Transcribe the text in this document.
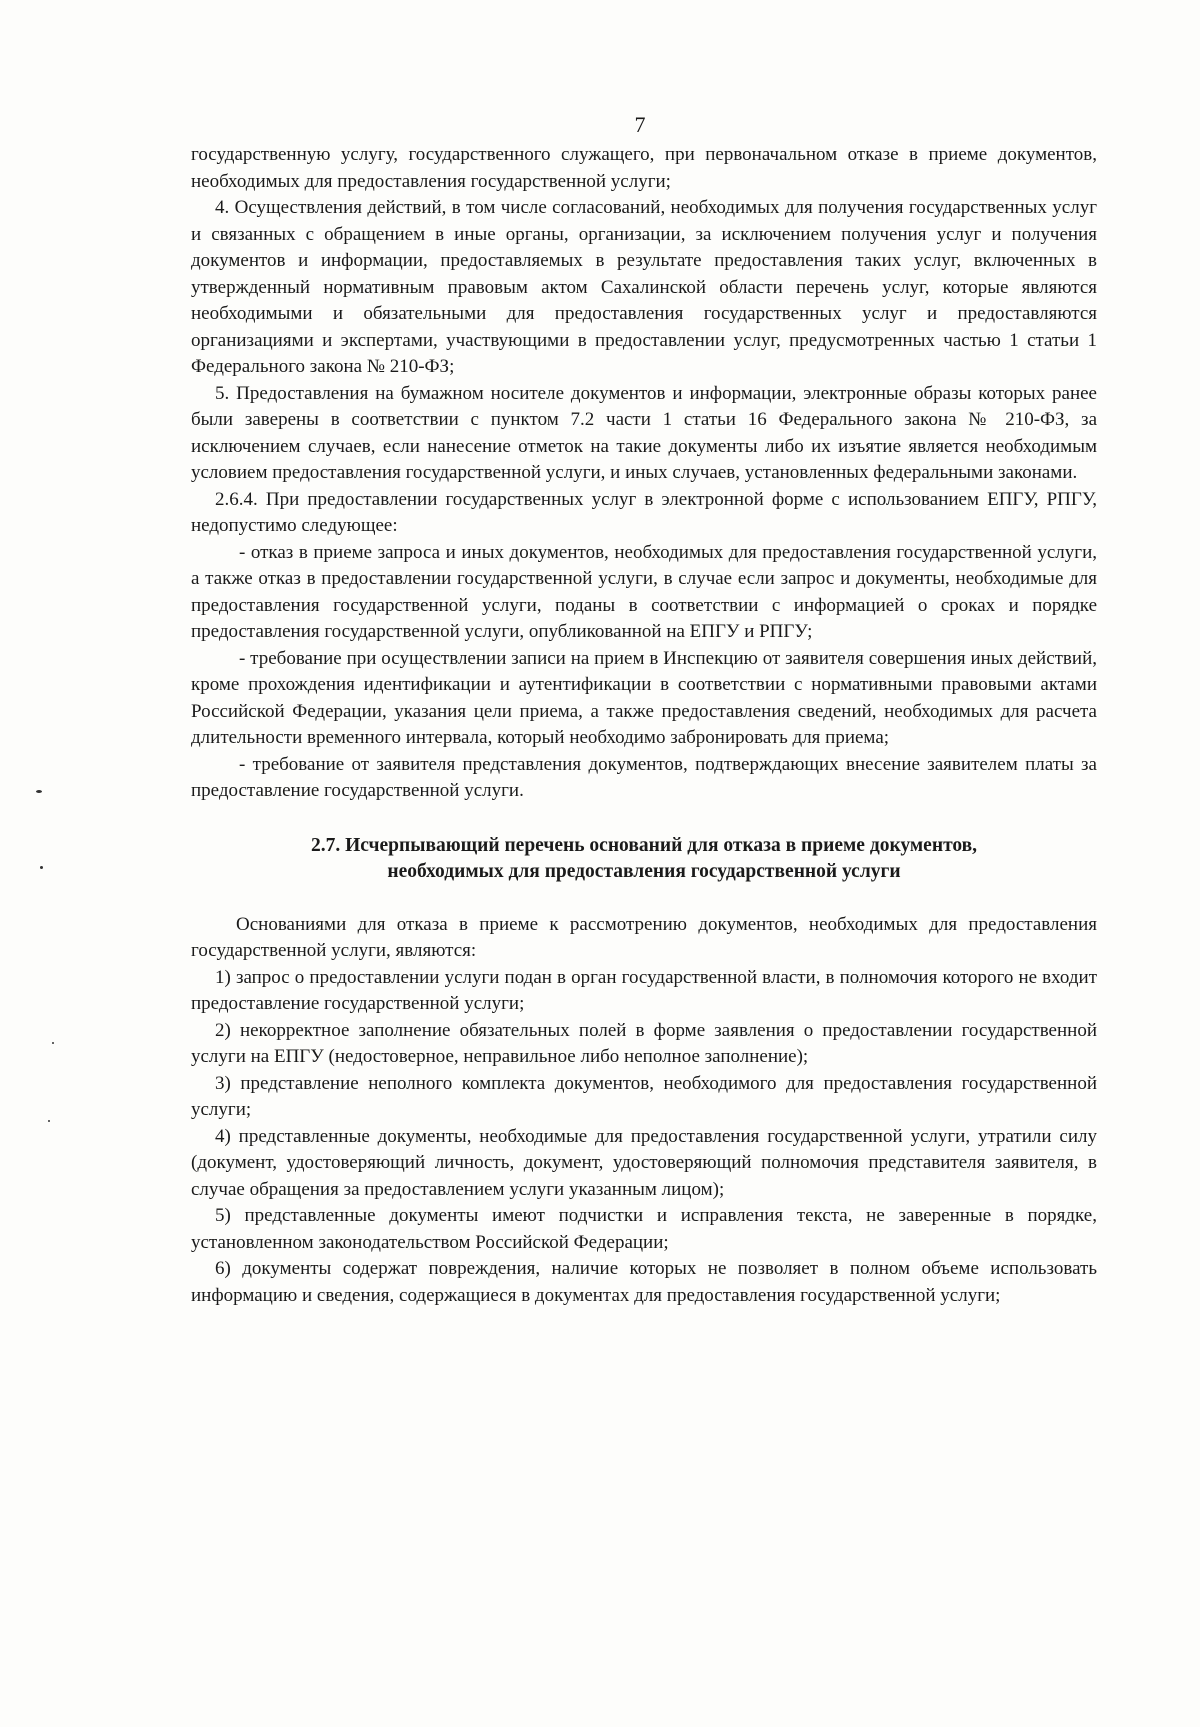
7

государственную услугу, государственного служащего, при первоначальном отказе в приеме документов, необходимых для предоставления государственной услуги;

4. Осуществления действий, в том числе согласований, необходимых для получения государственных услуг и связанных с обращением в иные органы, организации, за исключением получения услуг и получения документов и информации, предоставляемых в результате предоставления таких услуг, включенных в утвержденный нормативным правовым актом Сахалинской области перечень услуг, которые являются необходимыми и обязательными для предоставления государственных услуг и предоставляются организациями и экспертами, участвующими в предоставлении услуг, предусмотренных частью 1 статьи 1 Федерального закона № 210-ФЗ;

5. Предоставления на бумажном носителе документов и информации, электронные образы которых ранее были заверены в соответствии с пунктом 7.2 части 1 статьи 16 Федерального закона № 210-ФЗ, за исключением случаев, если нанесение отметок на такие документы либо их изъятие является необходимым условием предоставления государственной услуги, и иных случаев, установленных федеральными законами.

2.6.4. При предоставлении государственных услуг в электронной форме с использованием ЕПГУ, РПГУ, недопустимо следующее:

- отказ в приеме запроса и иных документов, необходимых для предоставления государственной услуги, а также отказ в предоставлении государственной услуги, в случае если запрос и документы, необходимые для предоставления государственной услуги, поданы в соответствии с информацией о сроках и порядке предоставления государственной услуги, опубликованной на ЕПГУ и РПГУ;

- требование при осуществлении записи на прием в Инспекцию от заявителя совершения иных действий, кроме прохождения идентификации и аутентификации в соответствии с нормативными правовыми актами Российской Федерации, указания цели приема, а также предоставления сведений, необходимых для расчета длительности временного интервала, который необходимо забронировать для приема;

- требование от заявителя представления документов, подтверждающих внесение заявителем платы за предоставление государственной услуги.

2.7. Исчерпывающий перечень оснований для отказа в приеме документов,
необходимых для предоставления государственной услуги

Основаниями для отказа в приеме к рассмотрению документов, необходимых для предоставления государственной услуги, являются:

1) запрос о предоставлении услуги подан в орган государственной власти, в полномочия которого не входит предоставление государственной услуги;

2) некорректное заполнение обязательных полей в форме заявления о предоставлении государственной услуги на ЕПГУ (недостоверное, неправильное либо неполное заполнение);

3) представление неполного комплекта документов, необходимого для предоставления государственной услуги;

4) представленные документы, необходимые для предоставления государственной услуги, утратили силу (документ, удостоверяющий личность, документ, удостоверяющий полномочия представителя заявителя, в случае обращения за предоставлением услуги указанным лицом);

5) представленные документы имеют подчистки и исправления текста, не заверенные в порядке, установленном законодательством Российской Федерации;

6) документы содержат повреждения, наличие которых не позволяет в полном объеме использовать информацию и сведения, содержащиеся в документах для предоставления государственной услуги;
